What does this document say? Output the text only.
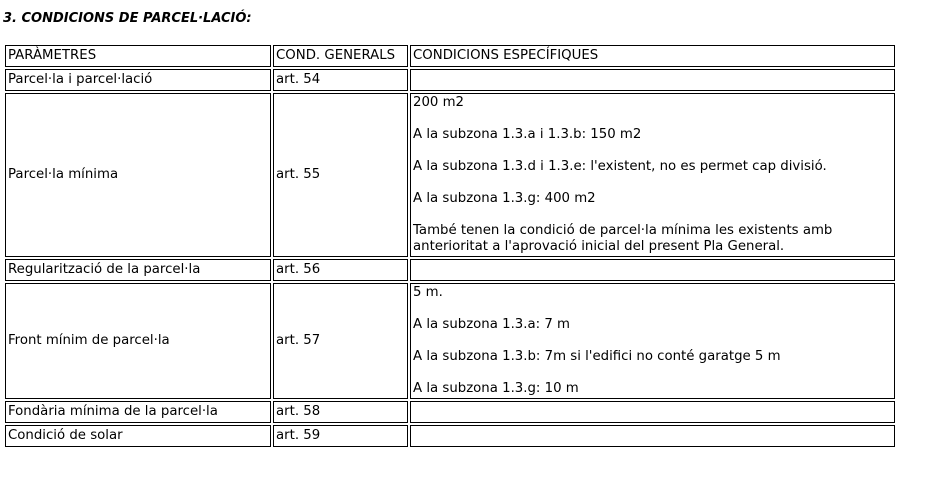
3. CONDICIONS DE PARCEL·LACIÓ:
PARÀMETRES	COND. GENERALS	CONDICIONS ESPECÍFIQUES
Parcel·la i parcel·lació	art. 54	
Parcel·la mínima	art. 55	200 m2

A la subzona 1.3.a i 1.3.b: 150 m2

A la subzona 1.3.d i 1.3.e: l'existent, no es permet cap divisió.

A la subzona 1.3.g: 400 m2

També tenen la condició de parcel·la mínima les existents amb anterioritat a l'aprovació inicial del present Pla General.

Regularització de la parcel·la	art. 56	
Front mínim de parcel·la	art. 57	5 m.

A la subzona 1.3.a: 7 m

A la subzona 1.3.b: 7m si l'edifici no conté garatge 5 m

A la subzona 1.3.g: 10 m

Fondària mínima de la parcel·la	art. 58	
Condició de solar	art. 59	
